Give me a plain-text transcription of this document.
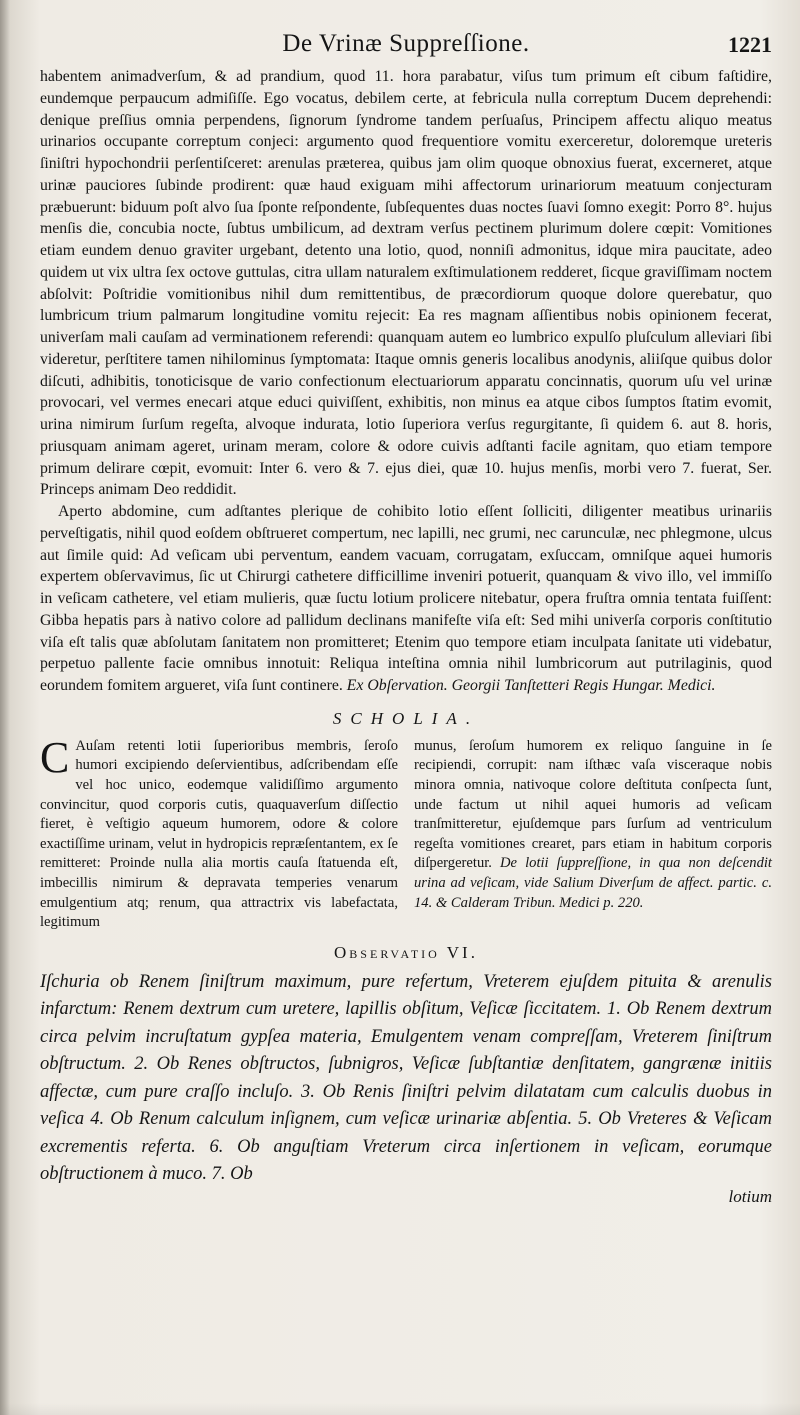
De Vrinæ Suppreſſione.	1221

habentem animadverſum, & ad prandium, quod 11. hora parabatur, viſus tum primum eſt cibum faſtidire, eundemque perpaucum admiſiſſe. Ego vocatus, debilem certe, at febricula nulla correptum Ducem deprehendi: denique preſſius omnia perpendens, ſignorum ſyndrome tandem perſuaſus, Principem affectu aliquo meatus urinarios occupante correptum conjeci: argumento quod frequentiore vomitu exerceretur, doloremque ureteris ſiniſtri hypochondrii perſentiſceret: arenulas præterea, quibus jam olim quoque obnoxius fuerat, excerneret, atque urinæ pauciores ſubinde prodirent: quæ haud exiguam mihi affectorum urinariorum meatuum conjecturam præbuerunt: biduum poſt alvo ſua ſponte reſpondente, ſubſequentes duas noctes ſuavi ſomno exegit: Porro 8°. hujus menſis die, concubia nocte, ſubtus umbilicum, ad dextram verſus pectinem plurimum dolere cœpit: Vomitiones etiam eundem denuo graviter urgebant, detento una lotio, quod, nonniſi admonitus, idque mira paucitate, adeo quidem ut vix ultra ſex octove guttulas, citra ullam naturalem exſtimulationem redderet, ſicque graviſſimam noctem abſolvit: Poſtridie vomitionibus nihil dum remittentibus, de præcordiorum quoque dolore querebatur, quo lumbricum trium palmarum longitudine vomitu rejecit: Ea res magnam aſſientibus nobis opinionem fecerat, univerſam mali cauſam ad verminationem referendi: quanquam autem eo lumbrico expulſo pluſculum alleviari ſibi videretur, perſtitere tamen nihilominus ſymptomata: Itaque omnis generis localibus anodynis, aliiſque quibus dolor diſcuti, adhibitis, tonoticisque de vario confectionum electuariorum apparatu concinnatis, quorum uſu vel urinæ provocari, vel vermes enecari atque educi quiviſſent, exhibitis, non minus ea atque cibos ſumptos ſtatim evomit, urina nimirum ſurſum regeſta, alvoque indurata, lotio ſuperiora verſus regurgitante, ſi quidem 6. aut 8. horis, priusquam animam ageret, urinam meram, colore & odore cuivis adſtanti facile agnitam, quo etiam tempore primum delirare cœpit, evomuit: Inter 6. vero & 7. ejus diei, quæ 10. hujus menſis, morbi vero 7. fuerat, Ser. Princeps animam Deo reddidit.

Aperto abdomine, cum adſtantes plerique de cohibito lotio eſſent ſolliciti, diligenter meatibus urinariis perveſtigatis, nihil quod eoſdem obſtrueret compertum, nec lapilli, nec grumi, nec carunculæ, nec phlegmone, ulcus aut ſimile quid: Ad veſicam ubi perventum, eandem vacuam, corrugatam, exſuccam, omniſque aquei humoris expertem obſervavimus, ſic ut Chirurgi cathetere difficillime inveniri potuerit, quanquam & vivo illo, vel immiſſo in veſicam cathetere, vel etiam mulieris, quæ ſuctu lotium prolicere nitebatur, opera fruſtra omnia tentata fuiſſent: Gibba hepatis pars à nativo colore ad pallidum declinans manifeſte viſa eſt: Sed mihi univerſa corporis conſtitutio viſa eſt talis quæ abſolutam ſanitatem non promitteret; Etenim quo tempore etiam inculpata ſanitate uti videbatur, perpetuo pallente facie omnibus innotuit: Reliqua inteſtina omnia nihil lumbricorum aut putrilaginis, quod eorundem fomitem argueret, viſa ſunt continere. Ex Obſervation. Georgii Tanſtetteri Regis Hungar. Medici.

SCHOLIA.

C Auſam retenti lotii ſuperioribus membris, ſeroſo humori excipiendo deſervientibus, adſcribendam eſſe vel hoc unico, eodemque validiſſimo argumento convincitur, quod corporis cutis, quaquaverſum diſſectio fieret, è veſtigio aqueum humorem, odore & colore exactiſſime urinam, velut in hydropicis repræſentantem, ex ſe remitteret: Proinde nulla alia mortis cauſa ſtatuenda eſt, imbecillis nimirum & depravata temperies venarum emulgentium atq; renum, qua attractrix vis labefactata, legitimum

munus, ſeroſum humorem ex reliquo ſanguine in ſe recipiendi, corrupit: nam iſthæc vaſa visceraque nobis minora omnia, nativoque colore deſtituta conſpecta ſunt, unde factum ut nihil aquei humoris ad veſicam tranſmitteretur, ejuſdemque pars ſurſum ad ventriculum regeſta vomitiones crearet, pars etiam in habitum corporis diſpergeretur. De lotii ſuppreſſione, in qua non deſcendit urina ad veſicam, vide Salium Diverſum de affect. partic. c. 14. & Calderam Tribun. Medici p. 220.

Observatio VI.

Iſchuria ob Renem ſiniſtrum maximum, pure refertum, Vreterem ejuſdem pituita & arenulis infarctum: Renem dextrum cum uretere, lapillis obſitum, Veſicæ ſiccitatem. 1. Ob Renem dextrum circa pelvim incruſtatum gypſea materia, Emulgentem venam compreſſam, Vreterem ſiniſtrum obſtructum. 2. Ob Renes obſtructos, ſubnigros, Veſicæ ſubſtantiæ denſitatem, gangrænæ initiis affectæ, cum pure craſſo incluſo. 3. Ob Renis ſiniſtri pelvim dilatatam cum calculis duobus in veſica 4. Ob Renum calculum inſignem, cum veſicæ urinariæ abſentia. 5. Ob Vreteres & Veſicam excrementis referta. 6. Ob anguſtiam Vreterum circa inſertionem in veſicam, eorumque obſtructionem à muco. 7. Ob

lotium
